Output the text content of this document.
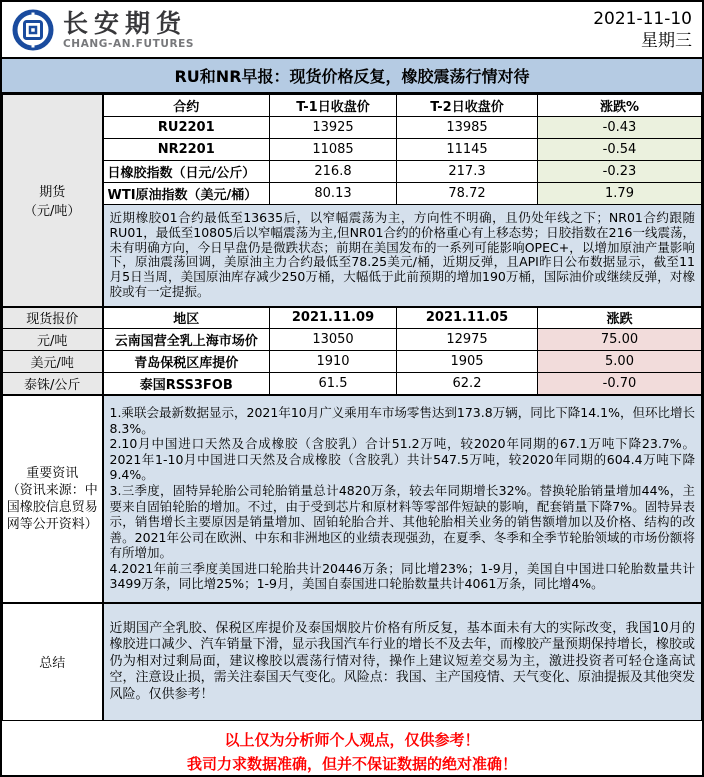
长安期货
CHANG-AN.FUTURES
2021-11-10
星期三
RU和NR早报：现货价格反复，橡胶震荡行情对待
期货
（元/吨）	合约	T-1日收盘价	T-2日收盘价	涨跌%
	RU2201	13925	13985	-0.43
	NR2201	11085	11145	-0.54
	日橡胶指数（日元/公斤）	216.8	217.3	-0.23
	WTI原油指数（美元/桶）	80.13	78.72	1.79
	近期橡胶01合约最低至13635后，以窄幅震荡为主，方向性不明确，且仍处年线之下；NR01合约跟随RU01，最低至10805后以窄幅震荡为主,但NR01合约的价格重心有上移态势；日胶指数在216一线震荡，未有明确方向，今日早盘仍是微跌状态；前期在美国发布的一系列可能影响OPEC+，以增加原油产量影响下，原油震荡回调，美原油主力合约最低至78.25美元/桶，近期反弹，且API昨日公布数据显示，截至11月5日当周，美国原油库存减少250万桶，大幅低于此前预期的增加190万桶，国际油价或继续反弹，对橡胶或有一定提振。			
现货报价	地区	2021.11.09	2021.11.05	涨跌
元/吨	云南国营全乳上海市场价	13050	12975	75.00
美元/吨	青岛保税区库提价	1910	1905	5.00
泰铢/公斤	泰国RSS3FOB	61.5	62.2	-0.70

重要资讯
（资讯来源：中国橡胶信息贸易网等公开资料）

1.乘联会最新数据显示，2021年10月广义乘用车市场零售达到173.8万辆，同比下降14.1%，但环比增长8.3%。
2.10月中国进口天然及合成橡胶（含胶乳）合计51.2万吨，较2020年同期的67.1万吨下降23.7%。2021年1-10月中国进口天然及合成橡胶（含胶乳）共计547.5万吨，较2020年同期的604.4万吨下降9.4%。
3.三季度，固特异轮胎公司轮胎销量总计4820万条，较去年同期增长32%。替换轮胎销量增加44%，主要来自固铂轮胎的增加。不过，由于受到芯片和原材料等零部件短缺的影响，配套销量下降7%。固特异表示，销售增长主要原因是销量增加、固铂轮胎合并、其他轮胎相关业务的销售额增加以及价格、结构的改善。2021年公司在欧洲、中东和非洲地区的业绩表现强劲，在夏季、冬季和全季节轮胎领域的市场份额将有所增加。
4.2021年前三季度美国进口轮胎共计20446万条；同比增23%；1-9月，美国自中国进口轮胎数量共计3499万条，同比增25%；1-9月，美国自泰国进口轮胎数量共计4061万条，同比增4%。

总结	近期国产全乳胶、保税区库提价及泰国烟胶片价格有所反复，基本面未有大的实际改变，我国10月的橡胶进口减少、汽车销量下滑，显示我国汽车行业的增长不及去年，而橡胶产量预期保持增长，橡胶或仍为相对过剩局面，建议橡胶以震荡行情对待，操作上建议短差交易为主，激进投资者可轻仓逢高试空，注意设止损，需关注泰国天气变化。风险点：我国、主产国疫情、天气变化、原油提振及其他突发风险。仅供参考！			
以上仅为分析师个人观点，仅供参考！
我司力求数据准确，但并不保证数据的绝对准确！
